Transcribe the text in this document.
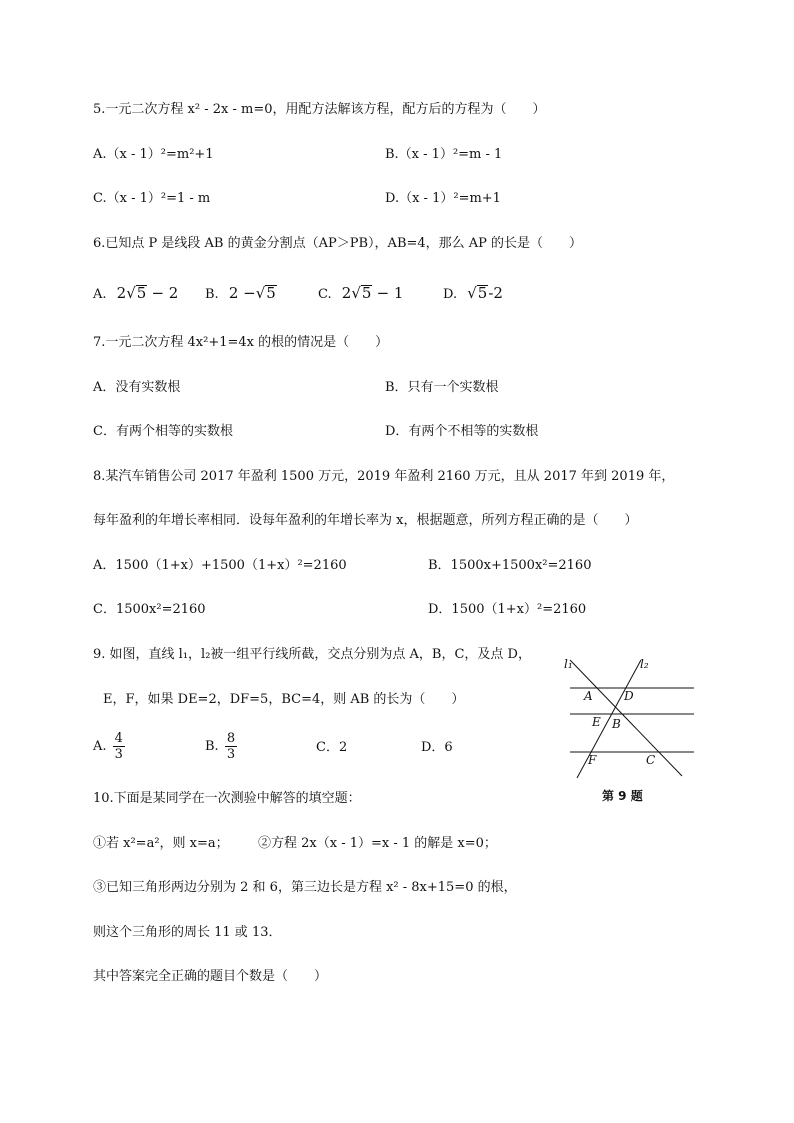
5.一元二次方程 x² - 2x - m=0，用配方法解该方程，配方后的方程为（　　）
A.（x - 1）²=m²+1	B.（x - 1）²=m - 1
C.（x - 1）²=1 - m	D.（x - 1）²=m+1
6.已知点 P 是线段 AB 的黄金分割点（AP＞PB），AB=4，那么 AP 的长是（　　）
A. 2√5 − 2 B. 2 −√5	C. 2√5 − 1	D. √5-2
7.一元二次方程 4x²+1=4x 的根的情况是（　　）
A．没有实数根	B．只有一个实数根
C．有两个相等的实数根	D．有两个不相等的实数根
8.某汽车销售公司 2017 年盈利 1500 万元，2019 年盈利 2160 万元，且从 2017 年到 2019 年，
每年盈利的年增长率相同．设每年盈利的年增长率为 x，根据题意，所列方程正确的是（　　）
A．1500（1+x）+1500（1+x）²=2160	B．1500x+1500x²=2160
C．1500x²=2160	D．1500（1+x）²=2160
9. 如图，直线 l₁，l₂被一组平行线所截，交点分别为点 A，B，C，及点 D，
E，F，如果 DE=2，DF=5，BC=4，则 AB 的长为（　　）
A. $\frac{4}{3}$	B. $\frac{8}{3}$	C．2	D．6
l₁	l₂
A	D
E B
F	C
第 9 题
10.下面是某同学在一次测验中解答的填空题：
①若 x²=a²，则 x=a； ②方程 2x（x - 1）=x - 1 的解是 x=0；
③已知三角形两边分别为 2 和 6，第三边长是方程 x² - 8x+15=0 的根，
则这个三角形的周长 11 或 13．
其中答案完全正确的题目个数是（　　）
